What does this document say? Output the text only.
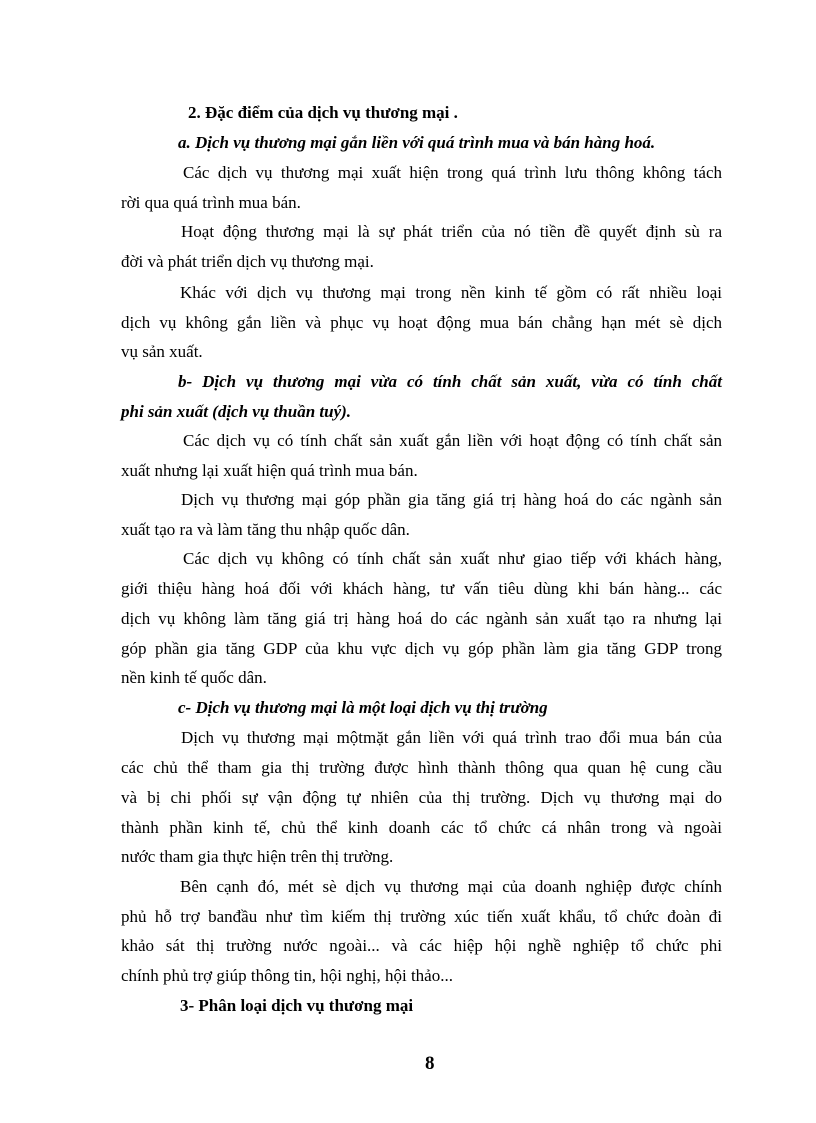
2. Đặc điểm của dịch vụ thương mại .
a. Dịch vụ thương mại gắn liền với quá trình mua và bán hàng hoá.
Các dịch vụ thương mại xuất hiện trong quá trình lưu thông không tách
rời qua quá trình mua bán.
Hoạt động thương mại là sự phát triển của nó tiền đề quyết định sù ra
đời và phát triển dịch vụ thương mại.
Khác với dịch vụ thương mại trong nền kinh tế gồm có rất nhiều loại
dịch vụ không gắn liền và phục vụ hoạt động mua bán chẳng hạn mét sè dịch
vụ sản xuất.
b- Dịch vụ thương mại vừa có tính chất sản xuất, vừa có tính chất
phi sản xuất (dịch vụ thuần tuý).
Các dịch vụ có tính chất sản xuất gắn liền với hoạt động có tính chất sản
xuất nhưng lại xuất hiện quá trình mua bán.
Dịch vụ thương mại góp phần gia tăng giá trị hàng hoá do các ngành sản
xuất tạo ra và làm tăng thu nhập quốc dân.
Các dịch vụ không có tính chất sản xuất như giao tiếp với khách hàng,
giới thiệu hàng hoá đối với khách hàng, tư vấn tiêu dùng khi bán hàng... các
dịch vụ không làm tăng giá trị hàng hoá do các ngành sản xuất tạo ra nhưng lại
góp phần gia tăng GDP của khu vực dịch vụ góp phần làm gia tăng GDP trong
nền kinh tế quốc dân.
c- Dịch vụ thương mại là một loại dịch vụ thị trường
Dịch vụ thương mại mộtmặt gắn liền với quá trình trao đổi mua bán của
các chủ thể tham gia thị trường được hình thành thông qua quan hệ cung cầu
và bị chi phối sự vận động tự nhiên của thị trường. Dịch vụ thương mại do
thành phần kinh tế, chủ thể kinh doanh các tổ chức cá nhân trong và ngoài
nước tham gia thực hiện trên thị trường.
Bên cạnh đó, mét sè dịch vụ thương mại của doanh nghiệp được chính
phủ hỗ trợ banđầu như tìm kiếm thị trường xúc tiến xuất khẩu, tổ chức đoàn đi
khảo sát thị trường nước ngoài... và các hiệp hội nghề nghiệp tổ chức phi
chính phủ trợ giúp thông tin, hội nghị, hội thảo...
3- Phân loại dịch vụ thương mại
8
